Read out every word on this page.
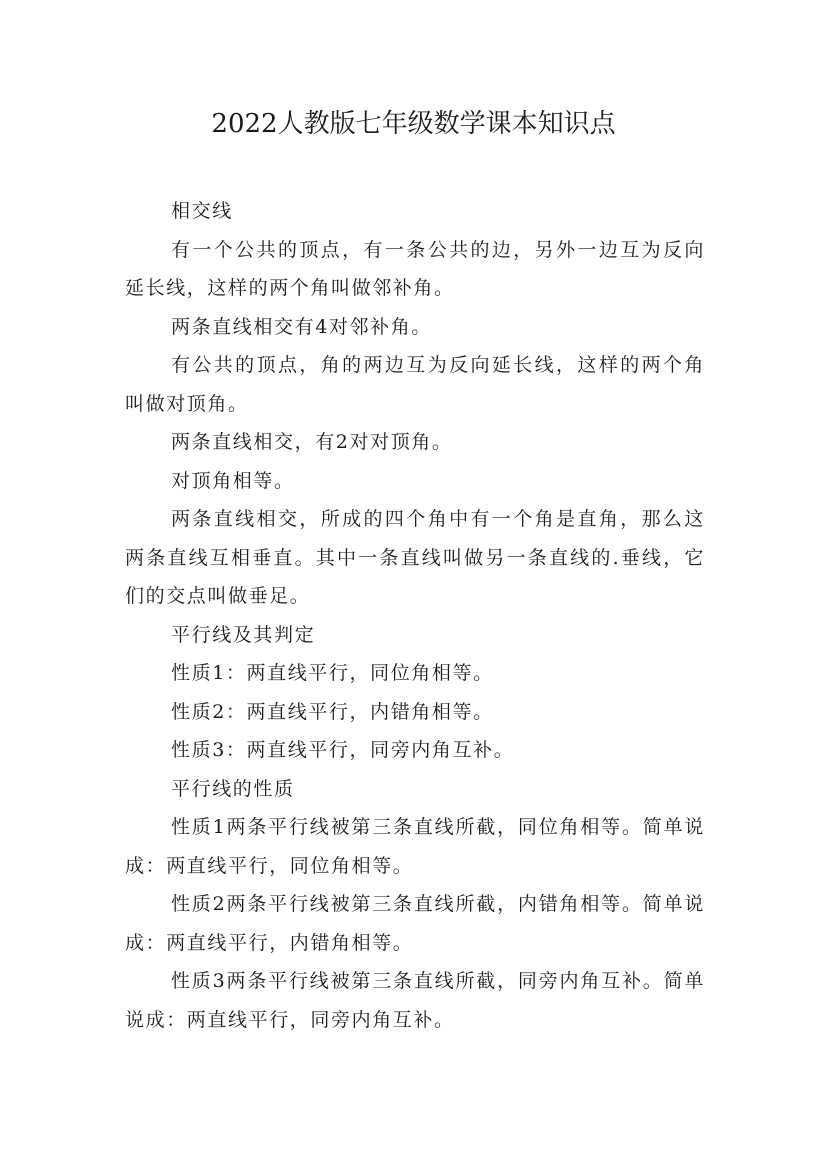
2022人教版七年级数学课本知识点

相交线

有一个公共的顶点，有一条公共的边，另外一边互为反向延长线，这样的两个角叫做邻补角。

两条直线相交有4对邻补角。

有公共的顶点，角的两边互为反向延长线，这样的两个角叫做对顶角。

两条直线相交，有2对对顶角。

对顶角相等。

两条直线相交，所成的四个角中有一个角是直角，那么这两条直线互相垂直。其中一条直线叫做另一条直线的.垂线，它们的交点叫做垂足。

平行线及其判定

性质1：两直线平行，同位角相等。

性质2：两直线平行，内错角相等。

性质3：两直线平行，同旁内角互补。

平行线的性质

性质1两条平行线被第三条直线所截，同位角相等。简单说成：两直线平行，同位角相等。

性质2两条平行线被第三条直线所截，内错角相等。简单说成：两直线平行，内错角相等。

性质3两条平行线被第三条直线所截，同旁内角互补。简单说成：两直线平行，同旁内角互补。
